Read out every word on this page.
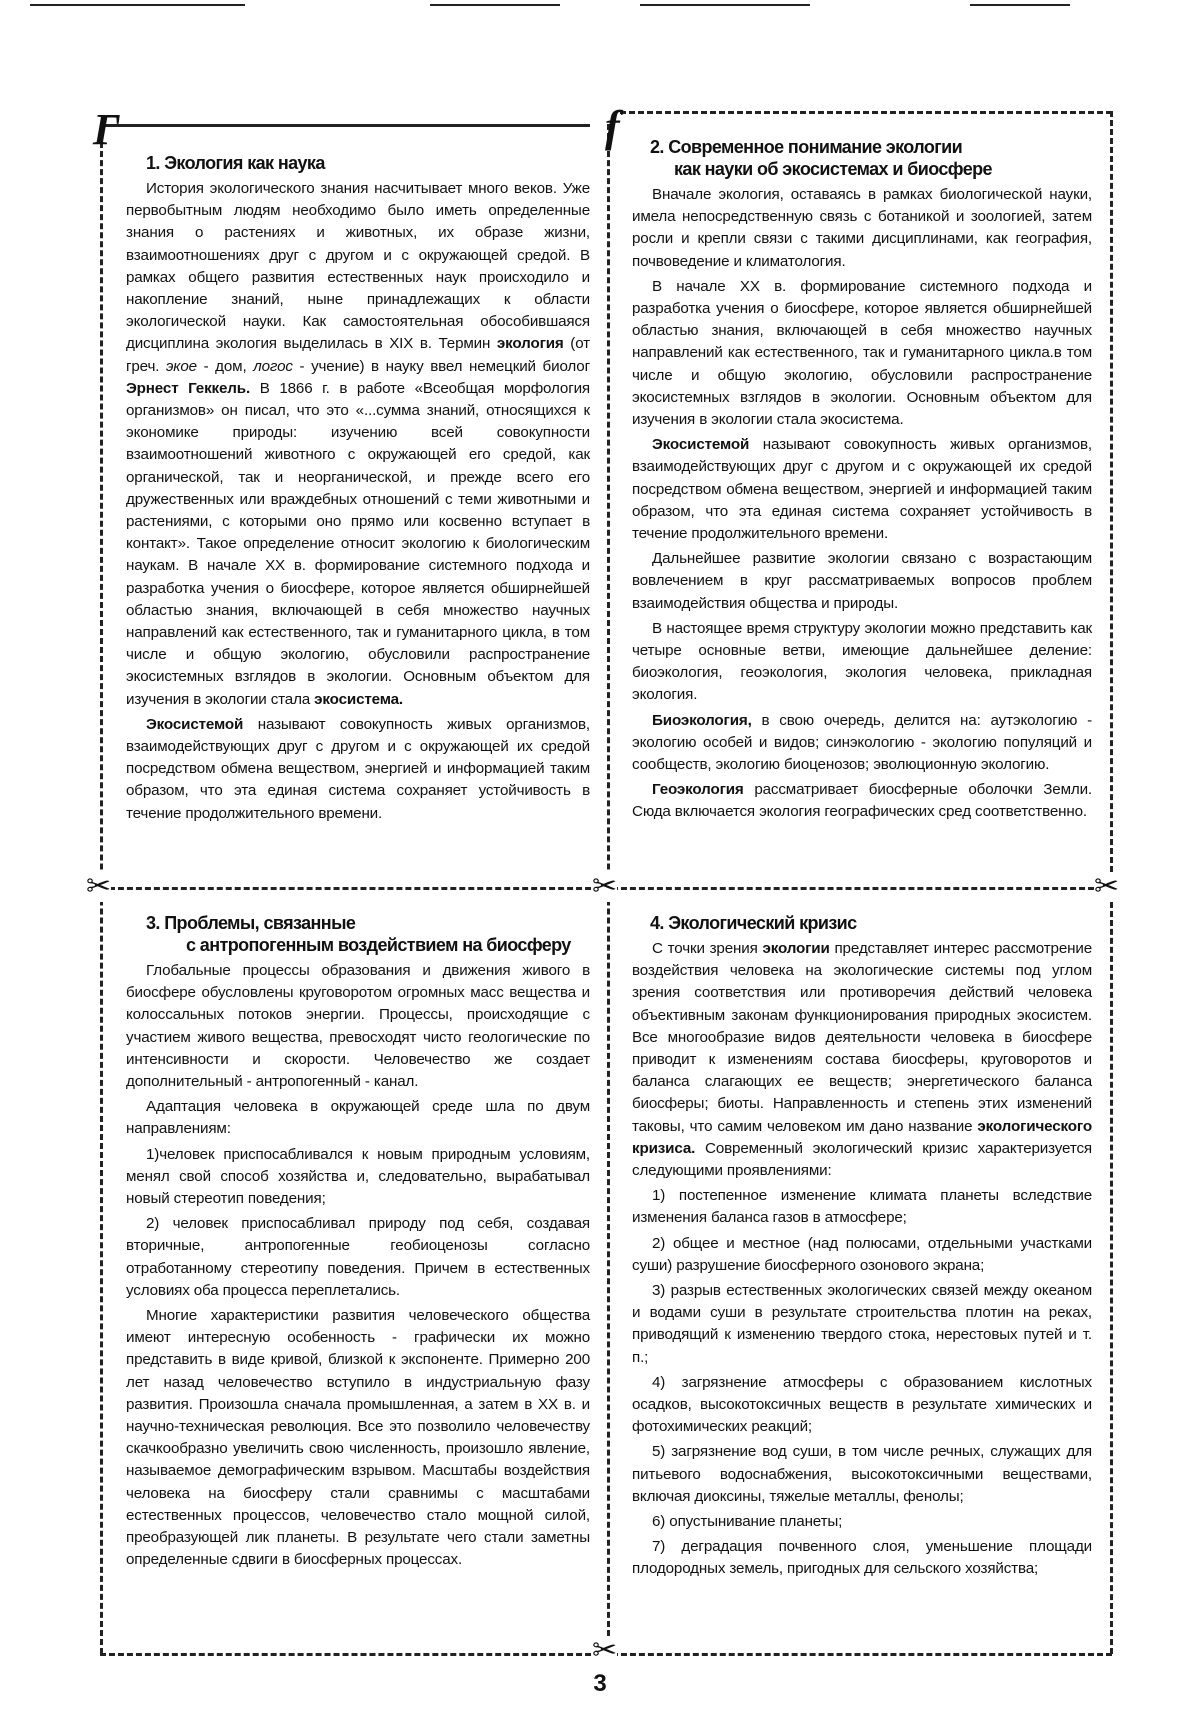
Г	f
✂	✂	✂
✂
1. Экология как наука

История экологического знания насчитывает много веков. Уже первобытным людям необходимо было иметь определенные знания о растениях и животных, их образе жизни, взаимоотношениях друг с другом и с окружающей средой. В рамках общего развития естественных наук происходило и накопление знаний, ныне принадлежащих к области экологической науки. Как самостоятельная обособившаяся дисциплина экология выделилась в XIX в. Термин экология (от греч. экое - дом, логос - учение) в науку ввел немецкий биолог Эрнест Геккель. В 1866 г. в работе «Всеобщая морфология организмов» он писал, что это «...сумма знаний, относящихся к экономике природы: изучению всей совокупности взаимоотношений животного с окружающей его средой, как органической, так и неорганической, и прежде всего его дружественных или враждебных отношений с теми животными и растениями, с которыми оно прямо или косвенно вступает в контакт». Такое определение относит экологию к биологическим наукам. В начале XX в. формирование системного подхода и разработка учения о биосфере, которое является обширнейшей областью знания, включающей в себя множество научных направлений как естественного, так и гуманитарного цикла, в том числе и общую экологию, обусловили распространение экосистемных взглядов в экологии. Основным объектом для изучения в экологии стала экосистема.

Экосистемой называют совокупность живых организмов, взаимодействующих друг с другом и с окружающей их средой посредством обмена веществом, энергией и информацией таким образом, что эта единая система сохраняет устойчивость в течение продолжительного времени.

2. Современное понимание экологии
как науки об экосистемах и биосфере

Вначале экология, оставаясь в рамках биологической науки, имела непосредственную связь с ботаникой и зоологией, затем росли и крепли связи с такими дисциплинами, как география, почвоведение и климатология.

В начале XX в. формирование системного подхода и разработка учения о биосфере, которое является обширнейшей областью знания, включающей в себя множество научных направлений как естественного, так и гуманитарного цикла.в том числе и общую экологию, обусловили распространение экосистемных взглядов в экологии. Основным объектом для изучения в экологии стала экосистема.

Экосистемой называют совокупность живых организмов, взаимодействующих друг с другом и с окружающей их средой посредством обмена веществом, энергией и информацией таким образом, что эта единая система сохраняет устойчивость в течение продолжительного времени.

Дальнейшее развитие экологии связано с возрастающим вовлечением в круг рассматриваемых вопросов проблем взаимодействия общества и природы.

В настоящее время структуру экологии можно представить как четыре основные ветви, имеющие дальнейшее деление: биоэкология, геоэкология, экология человека, прикладная экология.

Биоэкология, в свою очередь, делится на: аутэкологию - экологию особей и видов; синэкологию - экологию популяций и сообществ, экологию биоценозов; эволюционную экологию.

Геоэкология рассматривает биосферные оболочки Земли. Сюда включается экология географических сред соответственно.

3. Проблемы, связанные
с антропогенным воздействием на биосферу

Глобальные процессы образования и движения живого в биосфере обусловлены круговоротом огромных масс вещества и колоссальных потоков энергии. Процессы, происходящие с участием живого вещества, превосходят чисто геологические по интенсивности и скорости. Человечество же создает дополнительный - антропогенный - канал.

Адаптация человека в окружающей среде шла по двум направлениям:

1)человек приспосабливался к новым природным условиям, менял свой способ хозяйства и, следовательно, вырабатывал новый стереотип поведения;

2) человек приспосабливал природу под себя, создавая вторичные, антропогенные геобиоценозы согласно отработанному стереотипу поведения. Причем в естественных условиях оба процесса переплетались.

Многие характеристики развития человеческого общества имеют интересную особенность - графически их можно представить в виде кривой, близкой к экспоненте. Примерно 200 лет назад человечество вступило в индустриальную фазу развития. Произошла сначала промышленная, а затем в XX в. и научно-техническая революция. Все это позволило человечеству скачкообразно увеличить свою численность, произошло явление, называемое демографическим взрывом. Масштабы воздействия человека на биосферу стали сравнимы с масштабами естественных процессов, человечество стало мощной силой, преобразующей лик планеты. В результате чего стали заметны определенные сдвиги в биосферных процессах.

4. Экологический кризис

С точки зрения экологии представляет интерес рассмотрение воздействия человека на экологические системы под углом зрения соответствия или противоречия действий человека объективным законам функционирования природных экосистем. Все многообразие видов деятельности человека в биосфере приводит к изменениям состава биосферы, круговоротов и баланса слагающих ее веществ; энергетического баланса биосферы; биоты. Направленность и степень этих изменений таковы, что самим человеком им дано название экологического кризиса. Современный экологический кризис характеризуется следующими проявлениями:

1) постепенное изменение климата планеты вследствие изменения баланса газов в атмосфере;

2) общее и местное (над полюсами, отдельными участками суши) разрушение биосферного озонового экрана;

3) разрыв естественных экологических связей между океаном и водами суши в результате строительства плотин на реках, приводящий к изменению твердого стока, нерестовых путей и т. п.;

4) загрязнение атмосферы с образованием кислотных осадков, высокотоксичных веществ в результате химических и фотохимических реакций;

5) загрязнение вод суши, в том числе речных, служащих для питьевого водоснабжения, высокотоксичными веществами, включая диоксины, тяжелые металлы, фенолы;

6) опустынивание планеты;

7) деградация почвенного слоя, уменьшение площади плодородных земель, пригодных для сельского хозяйства;

3
